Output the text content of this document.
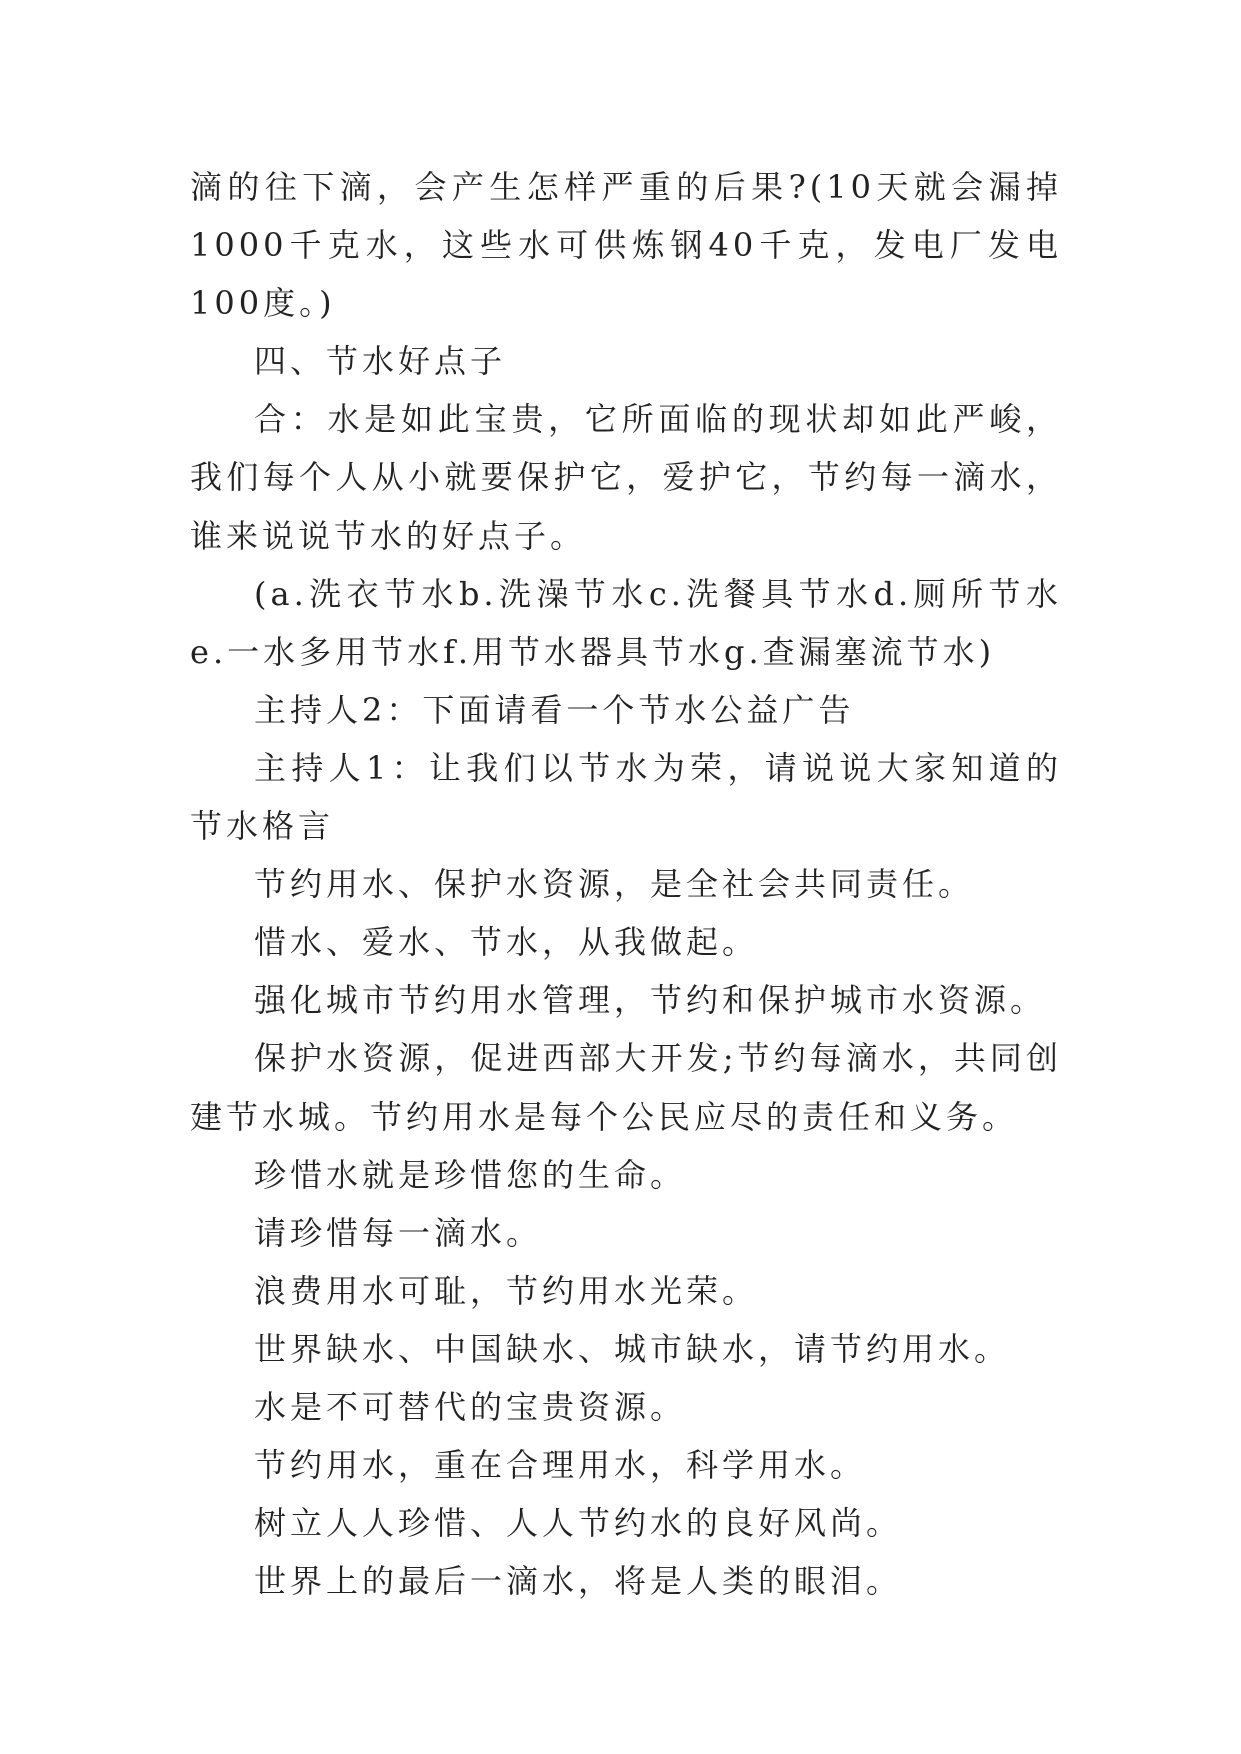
滴的往下滴，会产生怎样严重的后果?(10天就会漏掉1000千克水，这些水可供炼钢40千克，发电厂发电100度。)

四、节水好点子

合：水是如此宝贵，它所面临的现状却如此严峻，我们每个人从小就要保护它，爱护它，节约每一滴水，谁来说说节水的好点子。

(a.洗衣节水b.洗澡节水c.洗餐具节水d.厕所节水e.一水多用节水f.用节水器具节水g.查漏塞流节水)

主持人2：下面请看一个节水公益广告

主持人1：让我们以节水为荣，请说说大家知道的节水格言

节约用水、保护水资源，是全社会共同责任。

惜水、爱水、节水，从我做起。

强化城市节约用水管理，节约和保护城市水资源。

保护水资源，促进西部大开发;节约每滴水，共同创建节水城。节约用水是每个公民应尽的责任和义务。

珍惜水就是珍惜您的生命。

请珍惜每一滴水。

浪费用水可耻，节约用水光荣。

世界缺水、中国缺水、城市缺水，请节约用水。

水是不可替代的宝贵资源。

节约用水，重在合理用水，科学用水。

树立人人珍惜、人人节约水的良好风尚。

世界上的最后一滴水，将是人类的眼泪。
